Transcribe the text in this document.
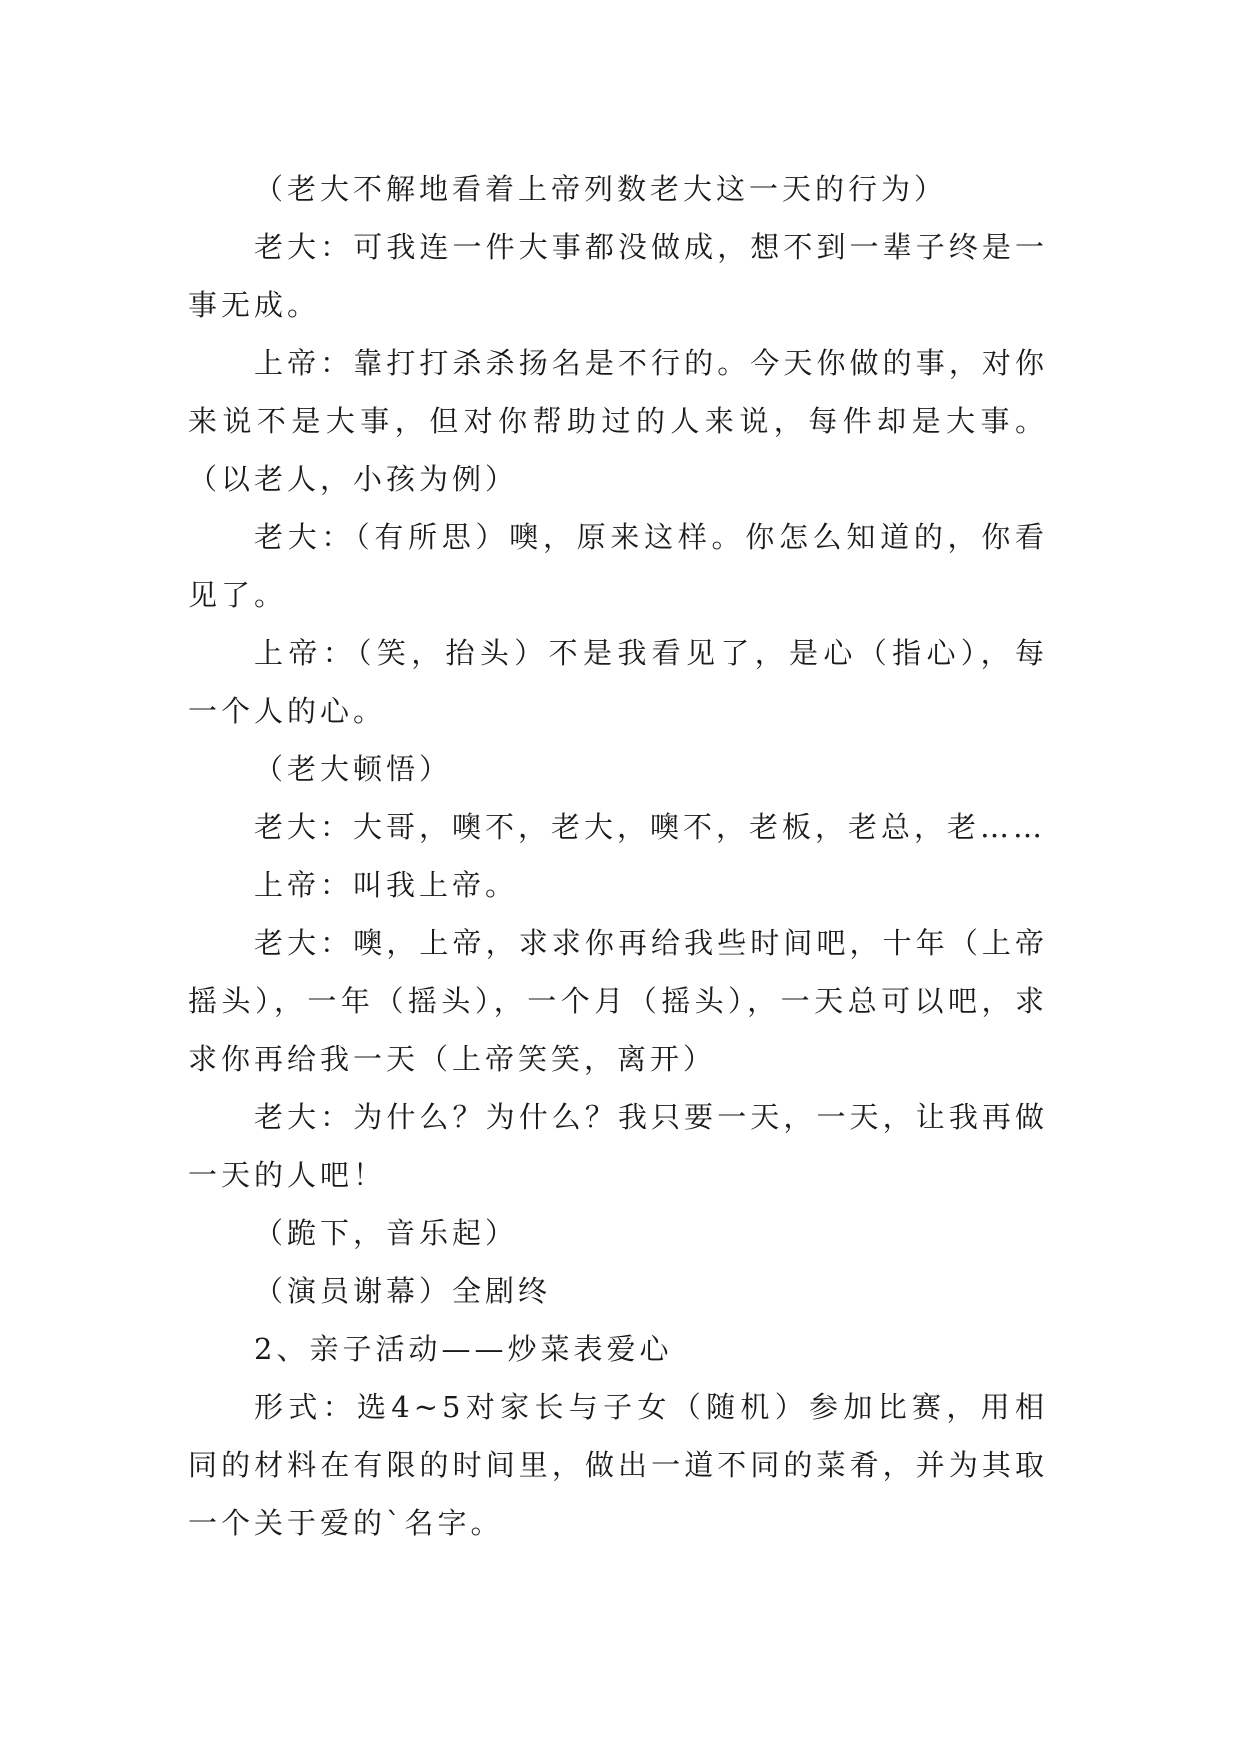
（老大不解地看着上帝列数老大这一天的行为）

老大：可我连一件大事都没做成，想不到一辈子终是一事无成。

上帝：靠打打杀杀扬名是不行的。今天你做的事，对你来说不是大事，但对你帮助过的人来说，每件却是大事。（以老人，小孩为例）

老大：（有所思）噢，原来这样。你怎么知道的，你看见了。

上帝：（笑，抬头）不是我看见了，是心（指心），每一个人的心。

（老大顿悟）

老大：大哥，噢不，老大，噢不，老板，老总，老……

上帝：叫我上帝。

老大：噢，上帝，求求你再给我些时间吧，十年（上帝摇头），一年（摇头），一个月（摇头），一天总可以吧，求求你再给我一天（上帝笑笑，离开）

老大：为什么？为什么？我只要一天，一天，让我再做一天的人吧！

（跪下，音乐起）

（演员谢幕）全剧终

2、亲子活动——炒菜表爱心

形式：选4~5对家长与子女（随机）参加比赛，用相同的材料在有限的时间里，做出一道不同的菜肴，并为其取一个关于爱的`名字。
